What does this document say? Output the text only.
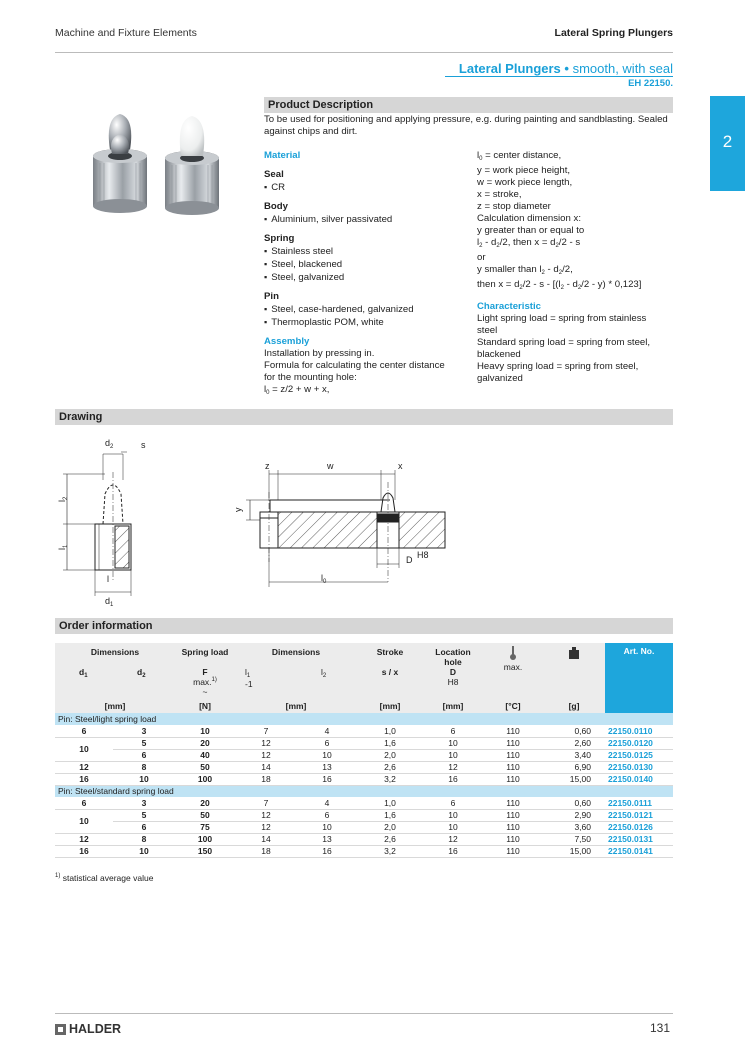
Machine and Fixture Elements	Lateral Spring Plungers
Lateral Plungers • smooth, with seal
EH 22150.
2
Product Description
To be used for positioning and applying pressure, e.g. during painting and sandblasting. Sealed against chips and dirt.
Material
Seal
▪ CR
Body
▪ Aluminium, silver passivated
Spring
▪ Stainless steel
▪ Steel, blackened
▪ Steel, galvanized
Pin
▪ Steel, case-hardened, galvanized
▪ Thermoplastic POM, white
Assembly
Installation by pressing in.
Formula for calculating the center distance
for the mounting hole:
$l_0 = z/2 + w + x$,
$l_0$ = center distance,
y = work piece height,
w = work piece length,
x = stroke,
z = stop diameter
Calculation dimension x:
y greater than or equal to
$l_2 - d_2/2$, then $x = d_2/2 - s$
or
y smaller than $l_2 - d_2/2$,
then $x = d_2/2 - s - [(l_2 - d_2/2 - y) * 0,123]$
Characteristic
Light spring load = spring from stainless
steel
Standard spring load = spring from steel,
blackened
Heavy spring load = spring from steel,
galvanized
Drawing
$d_2$	s
$l_2$
$l_1$
l
$d_1$
z	w	x
y
D H8
$l_0$
Order information
Dimensions		Spring load	Dimensions		Stroke	Location hole	max.		Art. No.
$d_1$	$d_2$	F
max.$^{1)}$
~	$l_1$
-1	$l_2$	s / x	D
H8			
[mm]		[N]	[mm]		[mm]	[mm]	[°C]	[g]	
Pin: Steel/light spring load									
6	3	10	7	4	1,0	6	110	0,60	22150.0110
10	5	20	12	6	1,6	10	110	2,60	22150.0120
	6	40	12	10	2,0	10	110	3,40	22150.0125
12	8	50	14	13	2,6	12	110	6,90	22150.0130
16	10	100	18	16	3,2	16	110	15,00	22150.0140
Pin: Steel/standard spring load									
6	3	20	7	4	1,0	6	110	0,60	22150.0111
10	5	50	12	6	1,6	10	110	2,90	22150.0121
	6	75	12	10	2,0	10	110	3,60	22150.0126
12	8	100	14	13	2,6	12	110	7,50	22150.0131
16	10	150	18	16	3,2	16	110	15,00	22150.0141
$^{1)}$ statistical average value
HALDER	131
